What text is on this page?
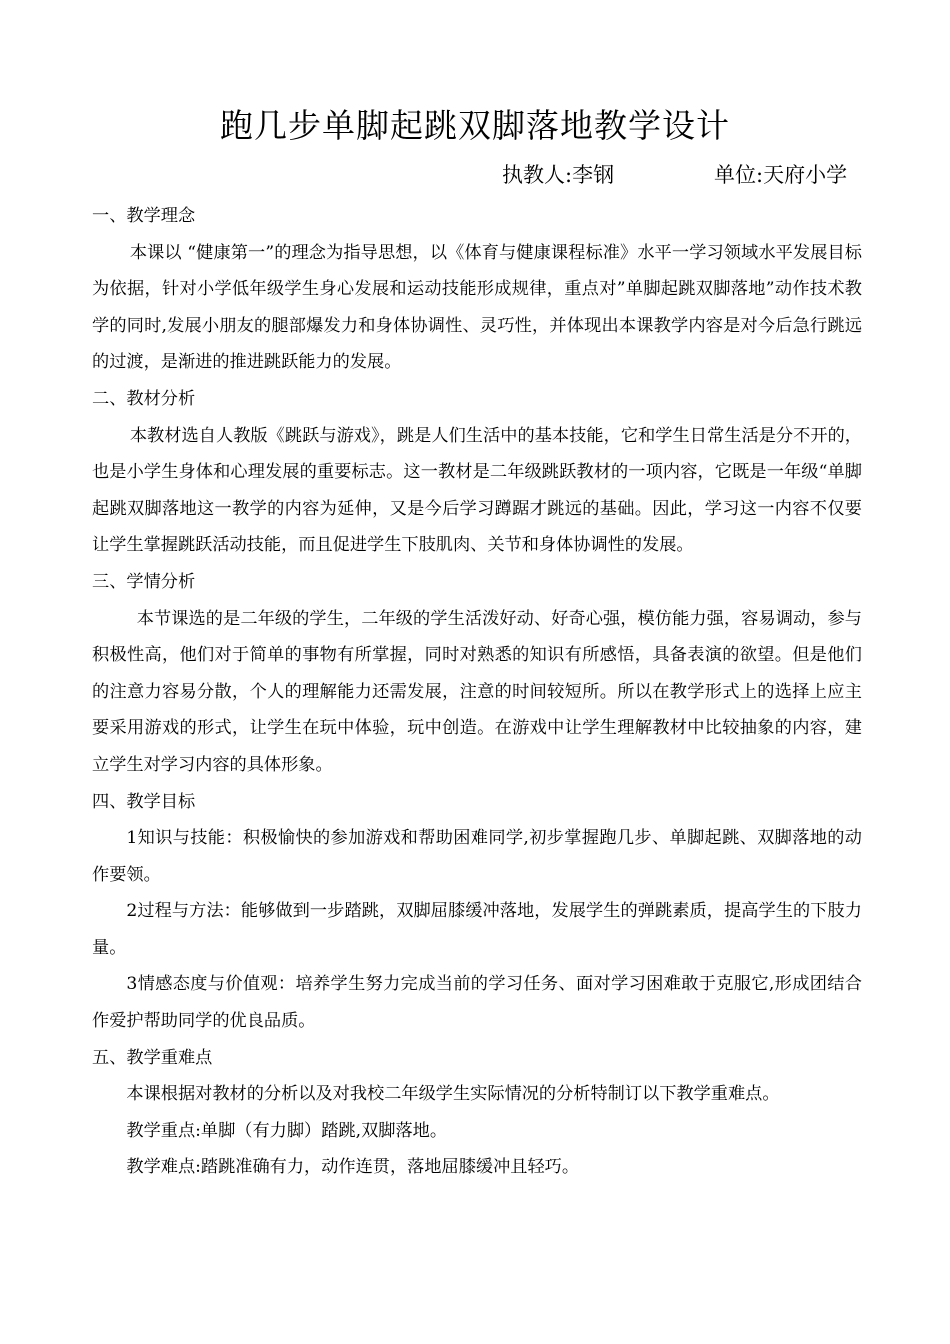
跑几步单脚起跳双脚落地教学设计
执教人:李钢	单位:天府小学

一、教学理念

本课以 “健康第一”的理念为指导思想，以《体育与健康课程标准》水平一学习领域水平发展目标为依据，针对小学低年级学生身心发展和运动技能形成规律，重点对”单脚起跳双脚落地”动作技术教学的同时,发展小朋友的腿部爆发力和身体协调性、灵巧性，并体现出本课教学内容是对今后急行跳远的过渡，是渐进的推进跳跃能力的发展。

二、教材分析

本教材选自人教版《跳跃与游戏》，跳是人们生活中的基本技能，它和学生日常生活是分不开的，也是小学生身体和心理发展的重要标志。这一教材是二年级跳跃教材的一项内容，它既是一年级“单脚起跳双脚落地这一教学的内容为延伸，又是今后学习蹲踞才跳远的基础。因此，学习这一内容不仅要让学生掌握跳跃活动技能，而且促进学生下肢肌肉、关节和身体协调性的发展。

三、学情分析

本节课选的是二年级的学生，二年级的学生活泼好动、好奇心强，模仿能力强，容易调动，参与积极性高，他们对于简单的事物有所掌握，同时对熟悉的知识有所感悟，具备表演的欲望。但是他们的注意力容易分散，个人的理解能力还需发展，注意的时间较短所。所以在教学形式上的选择上应主要采用游戏的形式，让学生在玩中体验，玩中创造。在游戏中让学生理解教材中比较抽象的内容，建立学生对学习内容的具体形象。

四、教学目标

1知识与技能：积极愉快的参加游戏和帮助困难同学,初步掌握跑几步、单脚起跳、双脚落地的动作要领。

2过程与方法：能够做到一步踏跳，双脚屈膝缓冲落地，发展学生的弹跳素质，提高学生的下肢力量。

3情感态度与价值观：培养学生努力完成当前的学习任务、面对学习困难敢于克服它,形成团结合作爱护帮助同学的优良品质。

五、教学重难点

本课根据对教材的分析以及对我校二年级学生实际情况的分析特制订以下教学重难点。

教学重点:单脚（有力脚）踏跳,双脚落地。

教学难点:踏跳准确有力，动作连贯，落地屈膝缓冲且轻巧。
